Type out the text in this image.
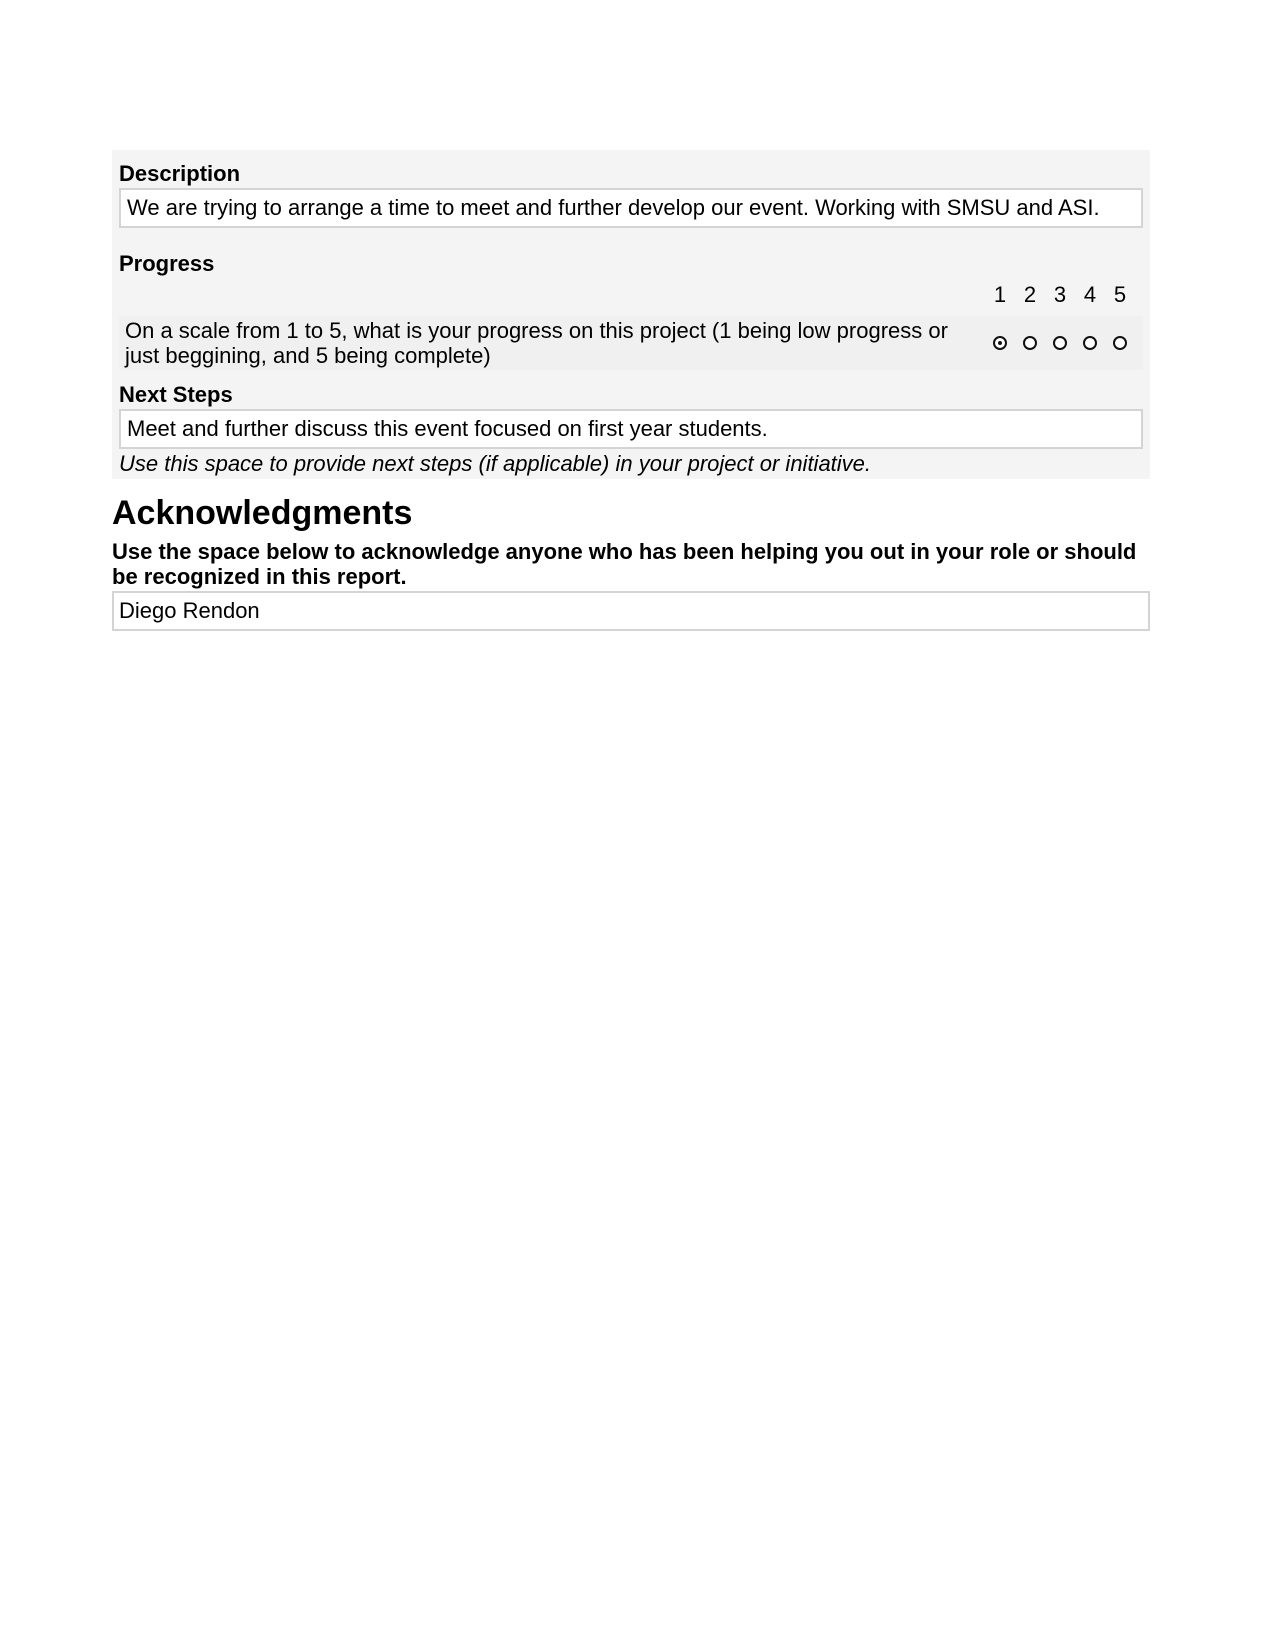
Description
We are trying to arrange a time to meet and further develop our event. Working with SMSU and ASI.
Progress
1 2 3 4 5
On a scale from 1 to 5, what is your progress on this project (1 being low progress or just beggining, and 5 being complete)
Next Steps
Meet and further discuss this event focused on first year students.
Use this space to provide next steps (if applicable) in your project or initiative.
Acknowledgments
Use the space below to acknowledge anyone who has been helping you out in your role or should be recognized in this report.
Diego Rendon
